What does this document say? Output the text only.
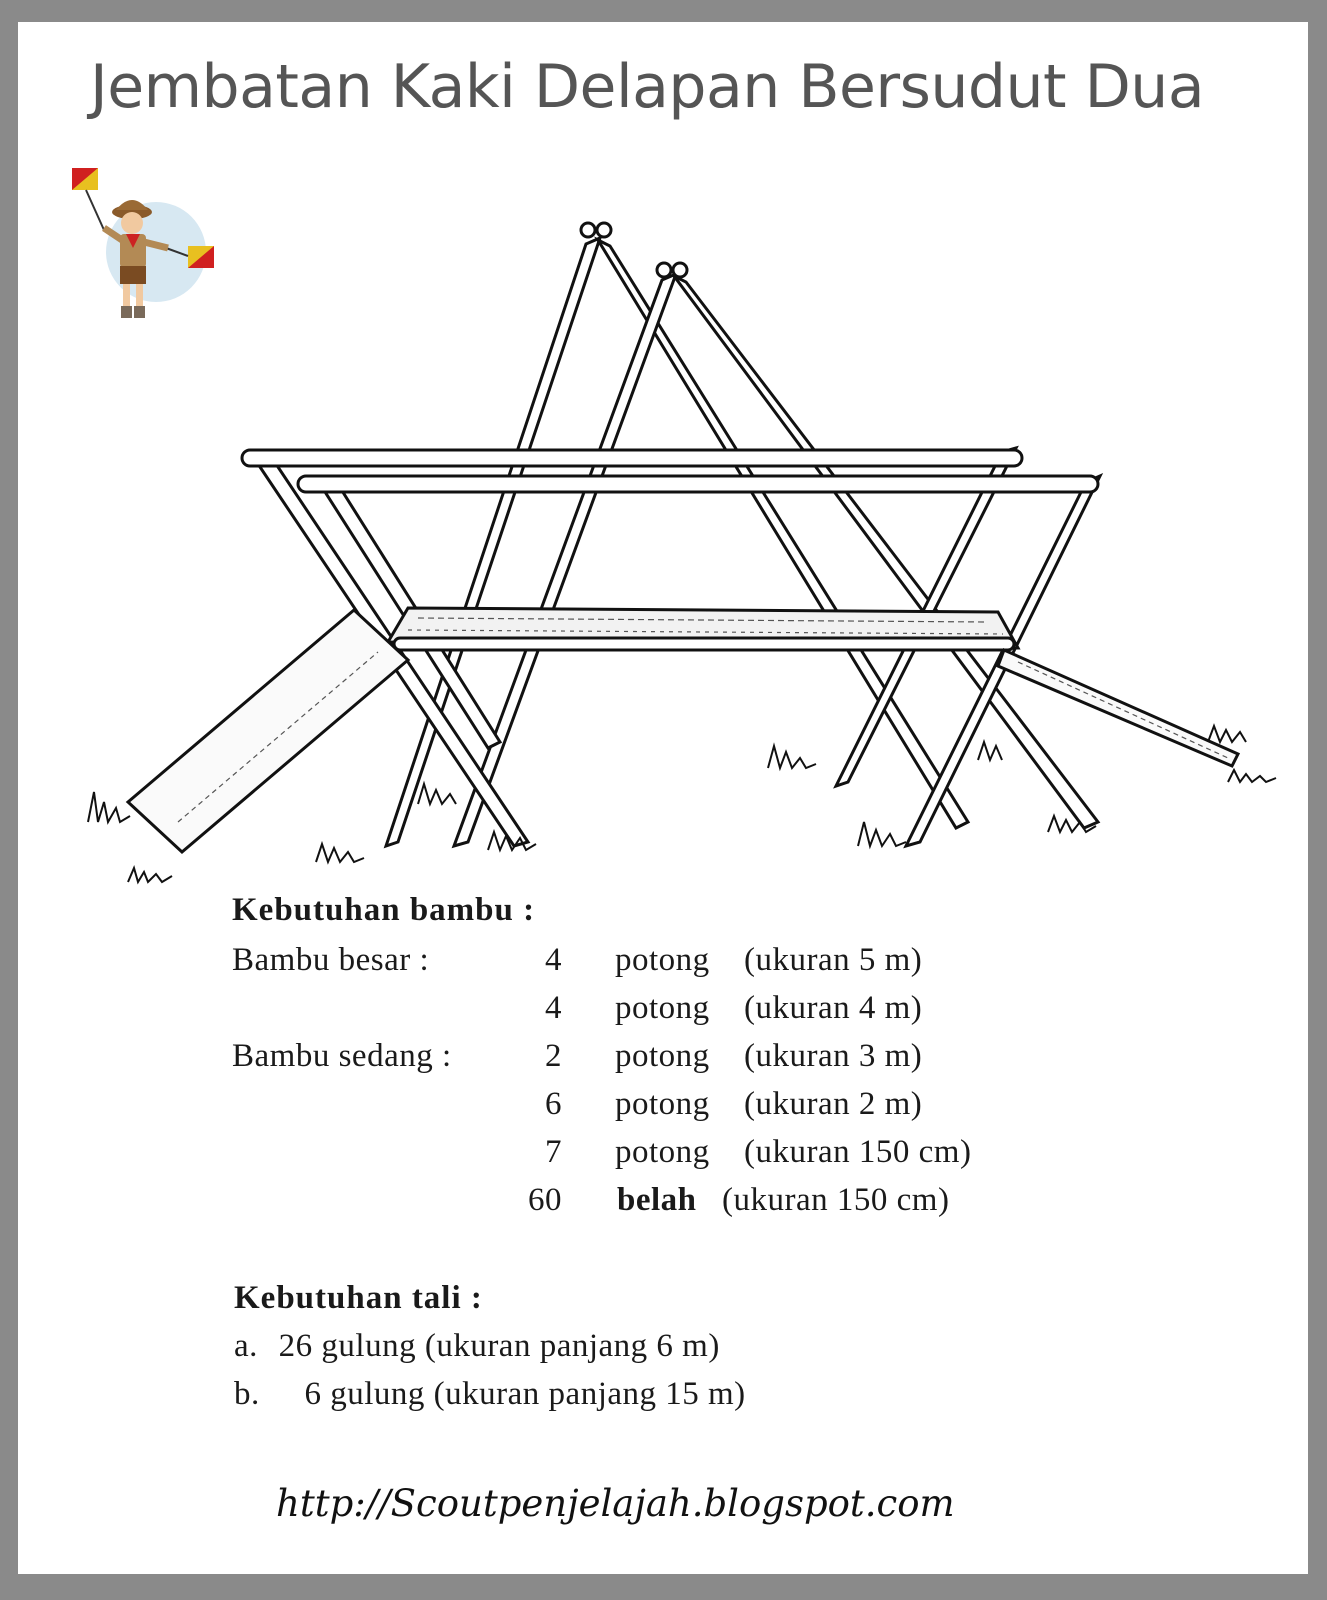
Jembatan Kaki Delapan Bersudut Dua
Kebutuhan bambu :
Bambu besar :	4 potong (ukuran 5 m)
4 potong (ukuran 4 m)
Bambu sedang :	2 potong (ukuran 3 m)
6 potong (ukuran 2 m)
7 potong (ukuran 150 cm)
60 belah (ukuran 150 cm)
Kebutuhan tali :
a. 26 gulung (ukuran panjang 6 m)
b. 6 gulung (ukuran panjang 15 m)
http://Scoutpenjelajah.blogspot.com
